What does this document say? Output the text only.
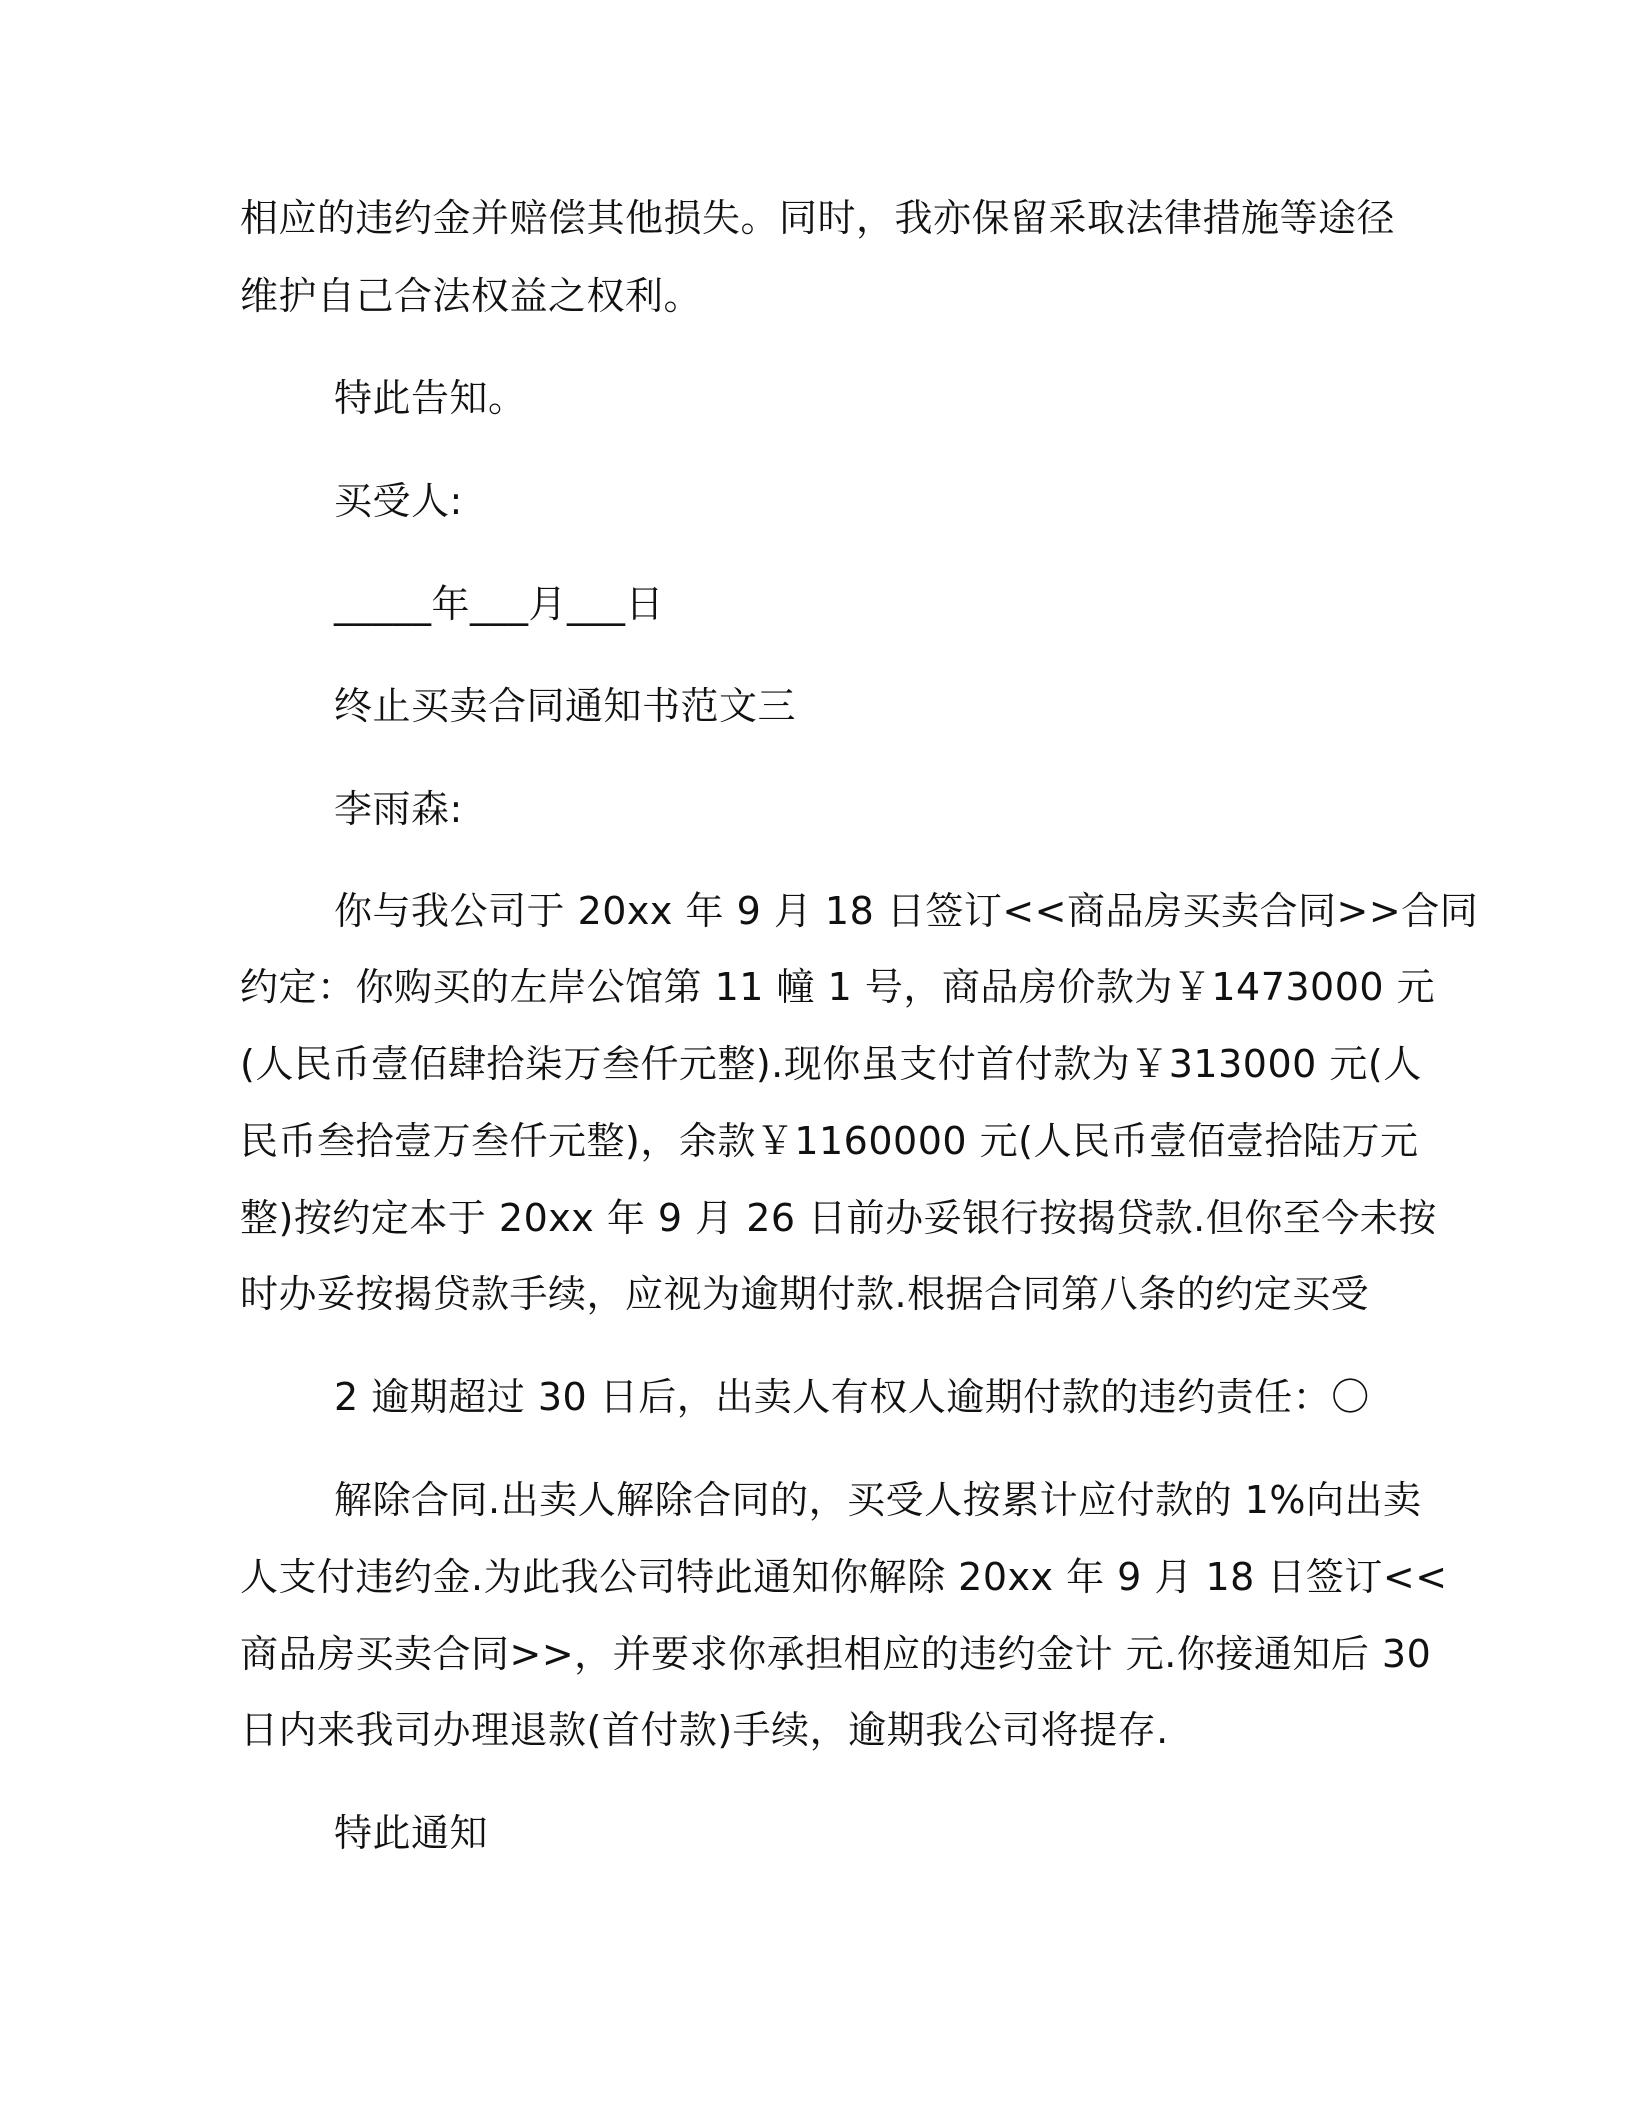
相应的违约金并赔偿其他损失。同时，我亦保留采取法律措施等途径
维护自己合法权益之权利。
特此告知。
买受人:
_____年___月___日
终止买卖合同通知书范文三
李雨森:
你与我公司于 20xx 年 9 月 18 日签订<<商品房买卖合同>>合同
约定：你购买的左岸公馆第 11 幢 1 号，商品房价款为￥1473000 元
(人民币壹佰肆拾柒万叁仟元整).现你虽支付首付款为￥313000 元(人
民币叁拾壹万叁仟元整)，余款￥1160000 元(人民币壹佰壹拾陆万元
整)按约定本于 20xx 年 9 月 26 日前办妥银行按揭贷款.但你至今未按
时办妥按揭贷款手续，应视为逾期付款.根据合同第八条的约定买受
2 逾期超过 30 日后，出卖人有权人逾期付款的违约责任：〇
解除合同.出卖人解除合同的，买受人按累计应付款的 1%向出卖
人支付违约金.为此我公司特此通知你解除 20xx 年 9 月 18 日签订<<
商品房买卖合同>>，并要求你承担相应的违约金计 元.你接通知后 30
日内来我司办理退款(首付款)手续，逾期我公司将提存.
特此通知
